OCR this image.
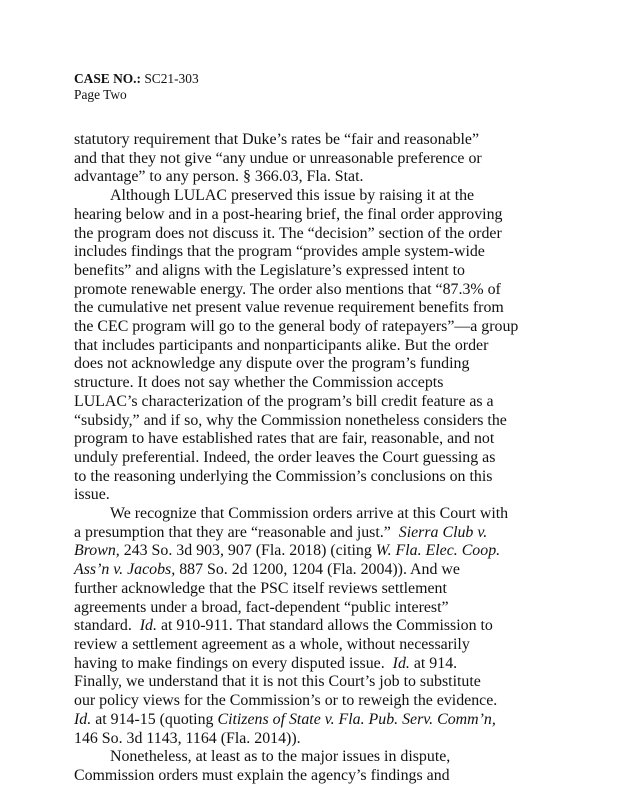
CASE NO.: SC21-303
Page Two
statutory requirement that Duke’s rates be “fair and reasonable”
and that they not give “any undue or unreasonable preference or
advantage” to any person. § 366.03, Fla. Stat.
Although LULAC preserved this issue by raising it at the
hearing below and in a post-hearing brief, the final order approving
the program does not discuss it. The “decision” section of the order
includes findings that the program “provides ample system-wide
benefits” and aligns with the Legislature’s expressed intent to
promote renewable energy. The order also mentions that “87.3% of
the cumulative net present value revenue requirement benefits from
the CEC program will go to the general body of ratepayers”—a group
that includes participants and nonparticipants alike. But the order
does not acknowledge any dispute over the program’s funding
structure. It does not say whether the Commission accepts
LULAC’s characterization of the program’s bill credit feature as a
“subsidy,” and if so, why the Commission nonetheless considers the
program to have established rates that are fair, reasonable, and not
unduly preferential. Indeed, the order leaves the Court guessing as
to the reasoning underlying the Commission’s conclusions on this
issue.
We recognize that Commission orders arrive at this Court with
a presumption that they are “reasonable and just.” Sierra Club v.
Brown, 243 So. 3d 903, 907 (Fla. 2018) (citing W. Fla. Elec. Coop.
Ass’n v. Jacobs, 887 So. 2d 1200, 1204 (Fla. 2004)). And we
further acknowledge that the PSC itself reviews settlement
agreements under a broad, fact-dependent “public interest”
standard. Id. at 910-911. That standard allows the Commission to
review a settlement agreement as a whole, without necessarily
having to make findings on every disputed issue. Id. at 914.
Finally, we understand that it is not this Court’s job to substitute
our policy views for the Commission’s or to reweigh the evidence.
Id. at 914-15 (quoting Citizens of State v. Fla. Pub. Serv. Comm’n,
146 So. 3d 1143, 1164 (Fla. 2014)).
Nonetheless, at least as to the major issues in dispute,
Commission orders must explain the agency’s findings and
